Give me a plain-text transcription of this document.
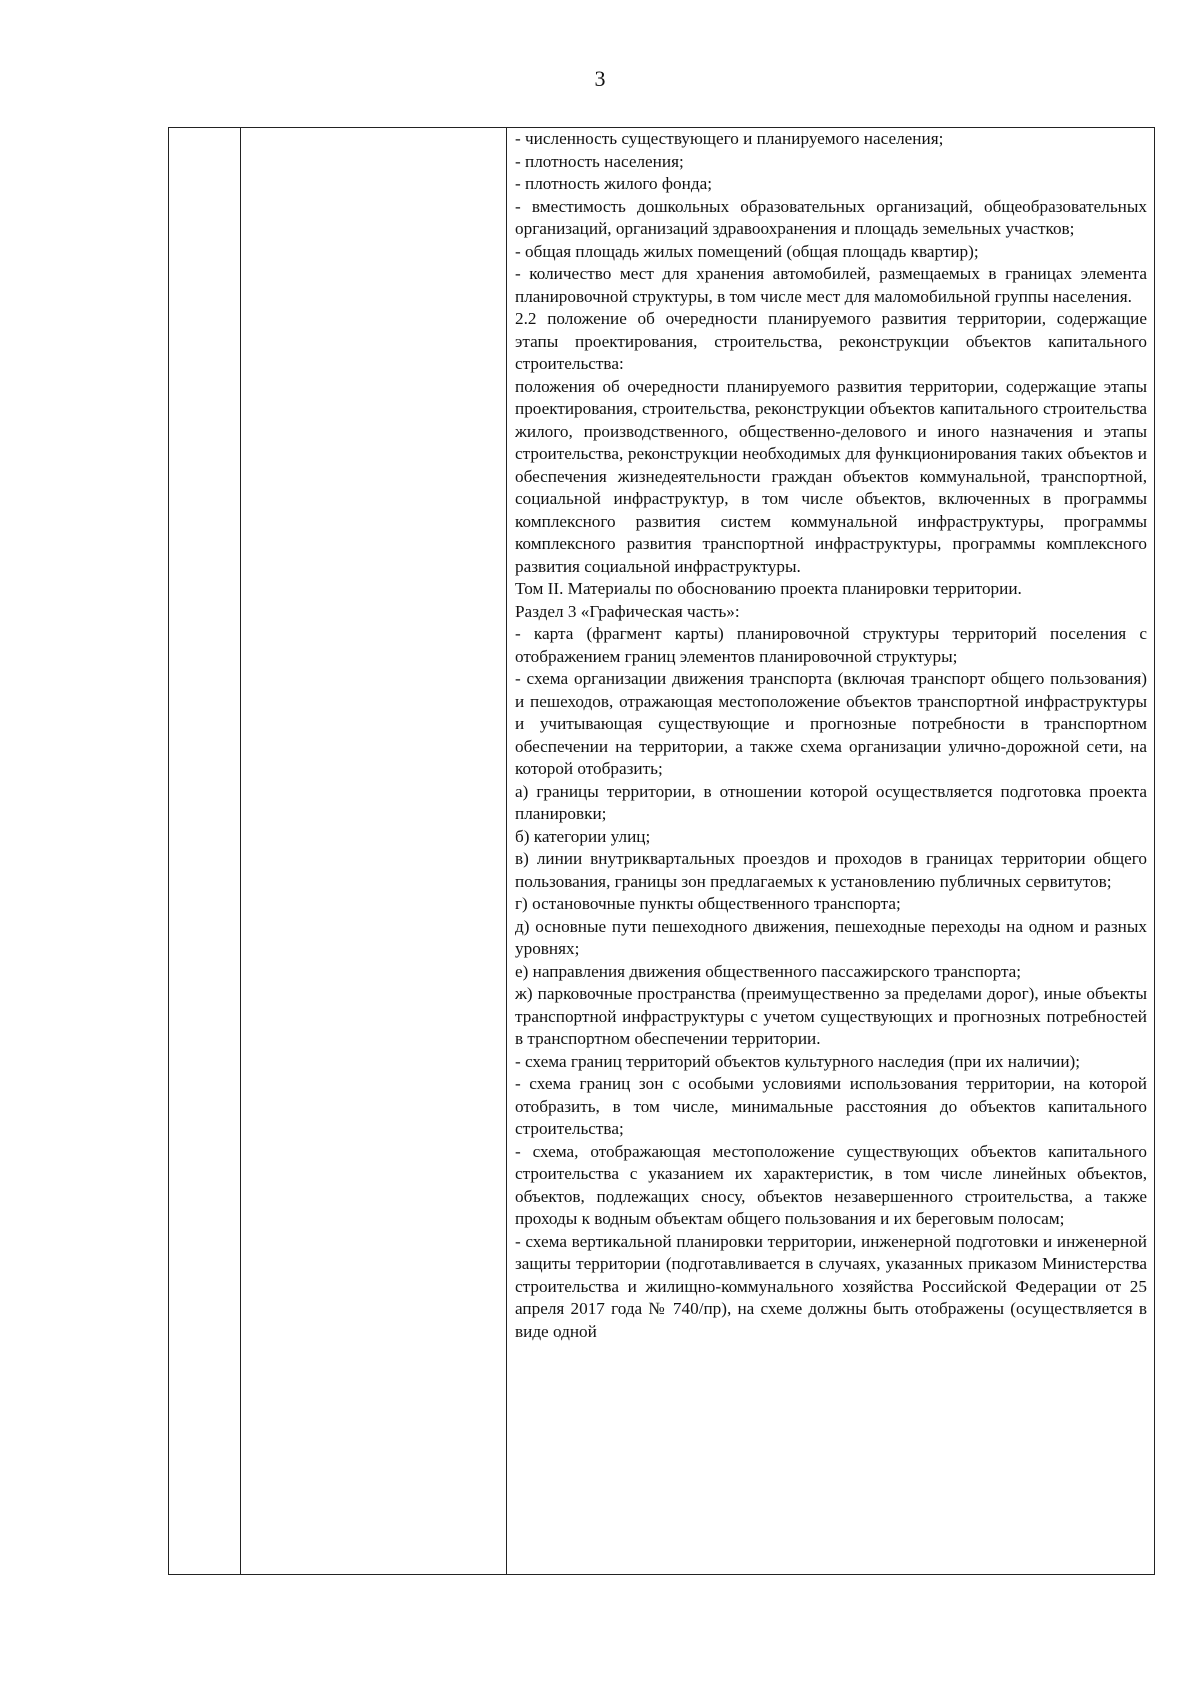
3

- численность существующего и планируемого населения;

- плотность населения;

- плотность жилого фонда;

- вместимость дошкольных образовательных организаций, общеобразовательных организаций, организаций здравоохранения и площадь земельных участков;

- общая площадь жилых помещений (общая площадь квартир);

- количество мест для хранения автомобилей, размещаемых в границах элемента планировочной структуры, в том числе мест для маломобильной группы населения.

2.2 положение об очередности планируемого развития территории, содержащие этапы проектирования, строительства, реконструкции объектов капитального строительства:

положения об очередности планируемого развития территории, содержащие этапы проектирования, строительства, реконструкции объектов капитального строительства жилого, производственного, общественно-делового и иного назначения и этапы строительства, реконструкции необходимых для функционирования таких объектов и обеспечения жизнедеятельности граждан объектов коммунальной, транспортной, социальной инфраструктур, в том числе объектов, включенных в программы комплексного развития систем коммунальной инфраструктуры, программы комплексного развития транспортной инфраструктуры, программы комплексного развития социальной инфраструктуры.

Том II. Материалы по обоснованию проекта планировки территории.

Раздел 3 «Графическая часть»:

- карта (фрагмент карты) планировочной структуры территорий поселения с отображением границ элементов планировочной структуры;

- схема организации движения транспорта (включая транспорт общего пользования) и пешеходов, отражающая местоположение объектов транспортной инфраструктуры и учитывающая существующие и прогнозные потребности в транспортном обеспечении на территории, а также схема организации улично-дорожной сети, на которой отобразить;

а) границы территории, в отношении которой осуществляется подготовка проекта планировки;

б) категории улиц;

в) линии внутриквартальных проездов и проходов в границах территории общего пользования, границы зон предлагаемых к установлению публичных сервитутов;

г) остановочные пункты общественного транспорта;

д) основные пути пешеходного движения, пешеходные переходы на одном и разных уровнях;

е) направления движения общественного пассажирского транспорта;

ж) парковочные пространства (преимущественно за пределами дорог), иные объекты транспортной инфраструктуры с учетом существующих и прогнозных потребностей в транспортном обеспечении территории.

- схема границ территорий объектов культурного наследия (при их наличии);

- схема границ зон с особыми условиями использования территории, на которой отобразить, в том числе, минимальные расстояния до объектов капитального строительства;

- схема, отображающая местоположение существующих объектов капитального строительства с указанием их характеристик, в том числе линейных объектов, объектов, подлежащих сносу, объектов незавершенного строительства, а также проходы к водным объектам общего пользования и их береговым полосам;

- схема вертикальной планировки территории, инженерной подготовки и инженерной защиты территории (подготавливается в случаях, указанных приказом Министерства строительства и жилищно-коммунального хозяйства Российской Федерации от 25 апреля 2017 года № 740/пр), на схеме должны быть отображены (осуществляется в виде одной
